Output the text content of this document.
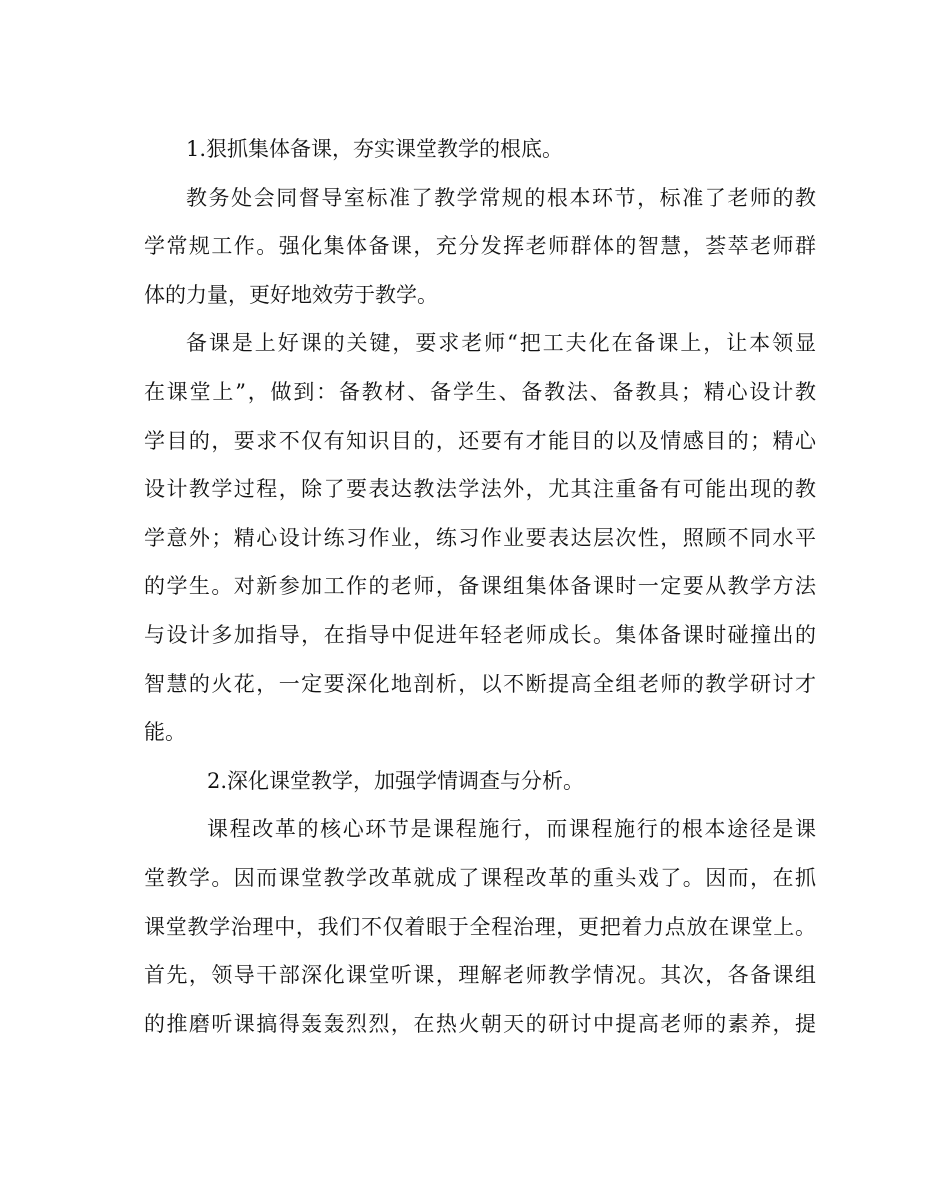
1.狠抓集体备课，夯实课堂教学的根底。
教务处会同督导室标准了教学常规的根本环节，标准了老师的教
学常规工作。强化集体备课，充分发挥老师群体的智慧，荟萃老师群
体的力量，更好地效劳于教学。
备课是上好课的关键，要求老师“把工夫化在备课上，让本领显
在课堂上”，做到：备教材、备学生、备教法、备教具；精心设计教
学目的，要求不仅有知识目的，还要有才能目的以及情感目的；精心
设计教学过程，除了要表达教法学法外，尤其注重备有可能出现的教
学意外；精心设计练习作业，练习作业要表达层次性，照顾不同水平
的学生。对新参加工作的老师，备课组集体备课时一定要从教学方法
与设计多加指导，在指导中促进年轻老师成长。集体备课时碰撞出的
智慧的火花，一定要深化地剖析，以不断提高全组老师的教学研讨才
能。
2.深化课堂教学，加强学情调查与分析。
课程改革的核心环节是课程施行，而课程施行的根本途径是课
堂教学。因而课堂教学改革就成了课程改革的重头戏了。因而，在抓
课堂教学治理中，我们不仅着眼于全程治理，更把着力点放在课堂上。
首先，领导干部深化课堂听课，理解老师教学情况。其次，各备课组
的推磨听课搞得轰轰烈烈，在热火朝天的研讨中提高老师的素养，提
